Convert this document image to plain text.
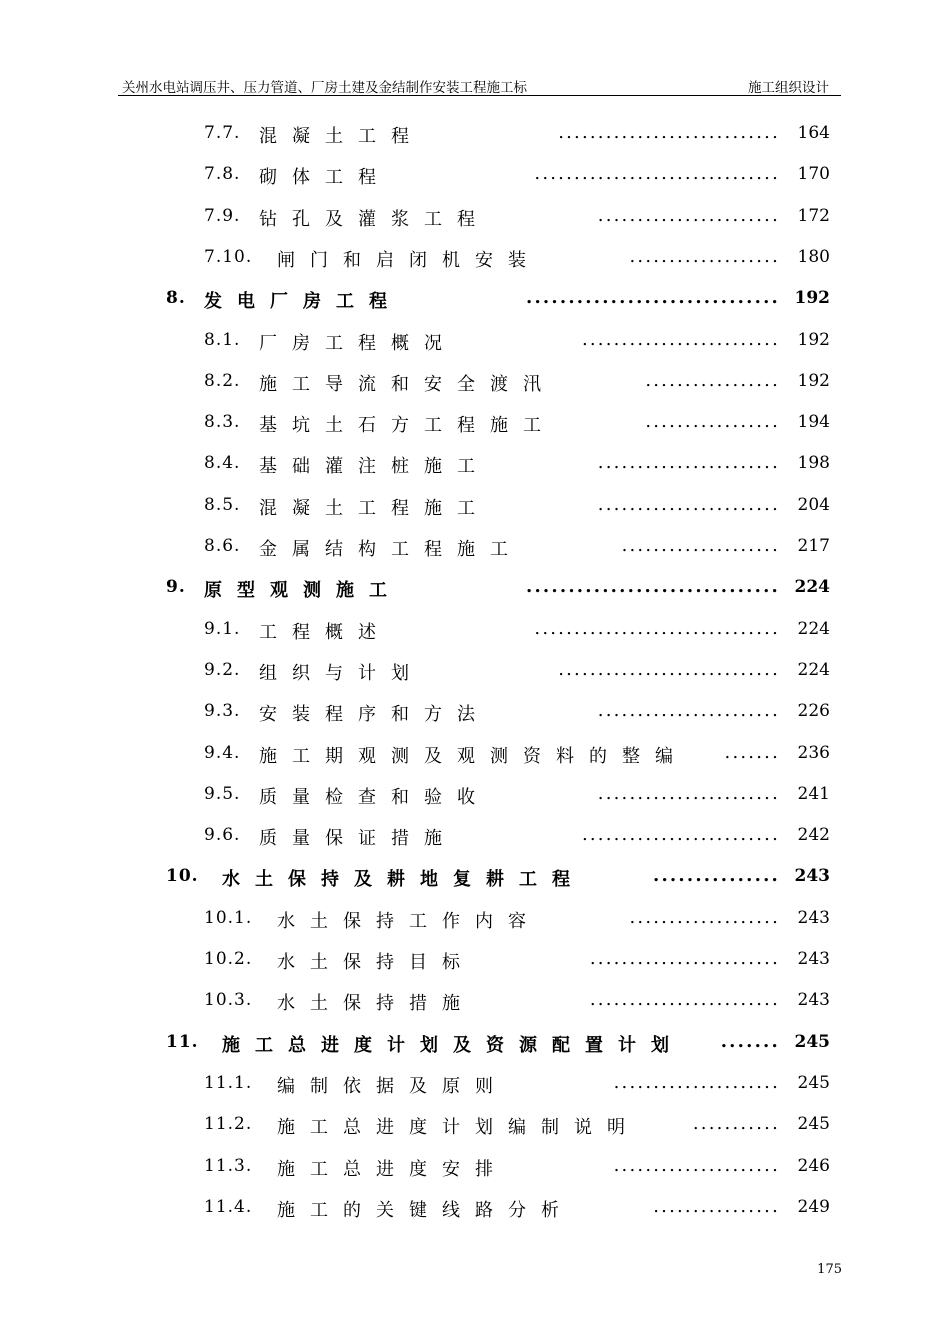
关州水电站调压井、压力管道、厂房土建及金结制作安装工程施工标	施工组织设计
7.7. 混凝土工程	............................ 164
7.8. 砌体工程	............................... 170
7.9. 钻孔及灌浆工程	....................... 172
7.10. 闸门和启闭机安装	................... 180
8. 发电厂房工程	.............................. 192
8.1. 厂房工程概况	......................... 192
8.2. 施工导流和安全渡汛	................. 192
8.3. 基坑土石方工程施工	................. 194
8.4. 基础灌注桩施工	....................... 198
8.5. 混凝土工程施工	....................... 204
8.6. 金属结构工程施工	.................... 217
9. 原型观测施工	.............................. 224
9.1. 工程概述	............................... 224
9.2. 组织与计划	............................ 224
9.3. 安装程序和方法	....................... 226
9.4. 施工期观测及观测资料的整编	....... 236
9.5. 质量检查和验收	....................... 241
9.6. 质量保证措施	......................... 242
10. 水土保持及耕地复耕工程	............... 243
10.1. 水土保持工作内容	................... 243
10.2. 水土保持目标	........................ 243
10.3. 水土保持措施	........................ 243
11. 施工总进度计划及资源配置计划	....... 245
11.1. 编制依据及原则	..................... 245
11.2. 施工总进度计划编制说明	........... 245
11.3. 施工总进度安排	..................... 246
11.4. 施工的关键线路分析	................ 249
175
